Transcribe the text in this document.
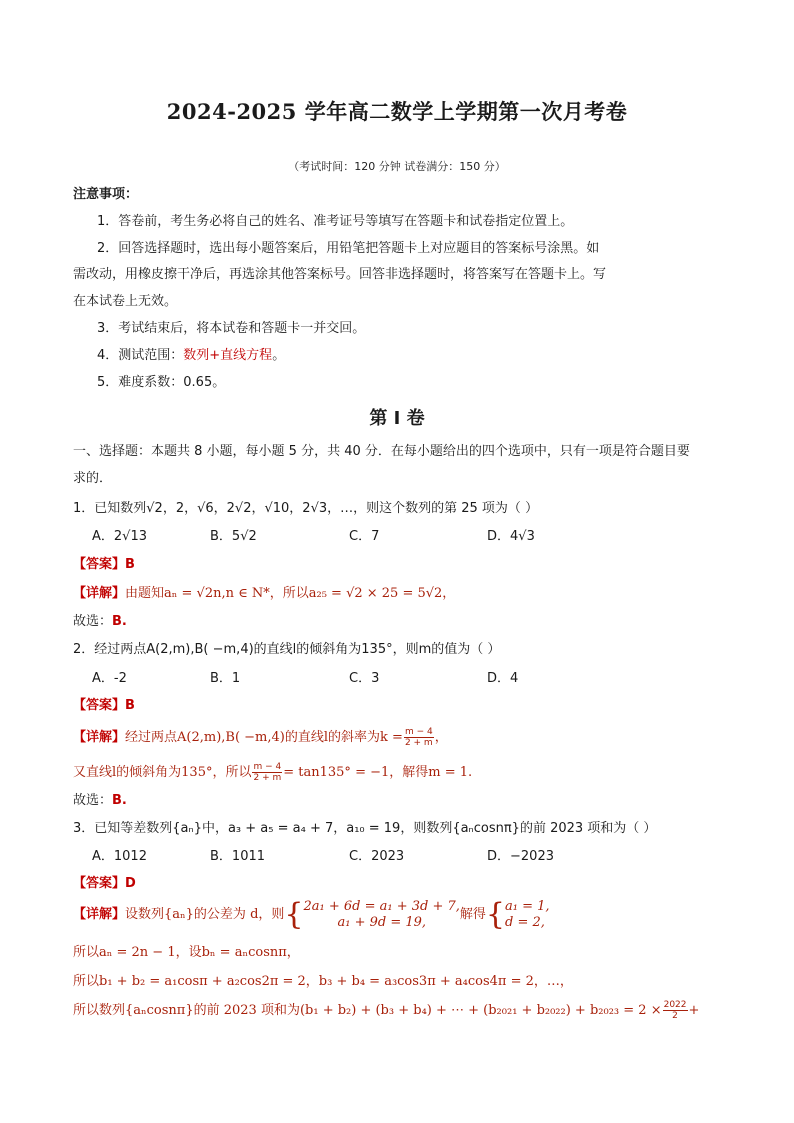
2024-2025 学年高二数学上学期第一次月考卷
（考试时间：120 分钟 试卷满分：150 分）
注意事项：
1．答卷前，考生务必将自己的姓名、准考证号等填写在答题卡和试卷指定位置上。
2．回答选择题时，选出每小题答案后，用铅笔把答题卡上对应题目的答案标号涂黑。如
需改动，用橡皮擦干净后，再选涂其他答案标号。回答非选择题时，将答案写在答题卡上。写
在本试卷上无效。
3．考试结束后，将本试卷和答题卡一并交回。
4．测试范围：数列+直线方程。
5．难度系数：0.65。
第 Ⅰ 卷
一、选择题：本题共 8 小题，每小题 5 分，共 40 分．在每小题给出的四个选项中，只有一项是符合题目要
求的．
1．已知数列√2，2，√6，2√2，√10，2√3，…，则这个数列的第 25 项为（ ）
A．2√13	B．5√2	C．7	D．4√3
【答案】B
【详解】由题知aₙ = √2n,n ∈ N*，所以a₂₅ = √2 × 25 = 5√2，
故选：B.
2．经过两点A(2,m),B( −m,4)的直线l的倾斜角为135°，则m的值为（ ）
A．-2	B．1	C．3	D．4
【答案】B
【详解】经过两点A(2,m),B( −m,4)的直线l的斜率为$k = \frac{m - 4}{2 + m}$ ，
又直线l的倾斜角为135°，所以 $\frac{m - 4}{2 + m} = \tan 135^\circ = -1$，解得m = 1.
故选：B.
3．已知等差数列{aₙ}中，a₃ + a₅ = a₄ + 7，a₁₀ = 19，则数列{aₙcosnπ}的前 2023 项和为（ ）
A．1012	B．1011	C．2023	D．−2023
【答案】D
【详解】设数列{aₙ}的公差为 d，则{ 2a₁ + 6d = a₁ + 3d + 7,
a₁ + 9d = 19,	解得{ a₁ = 1,
d = 2,
所以aₙ = 2n − 1，设bₙ = aₙcosnπ，
所以b₁ + b₂ = a₁cosπ + a₂cos2π = 2，b₃ + b₄ = a₃cos3π + a₄cos4π = 2，…，
所以数列{aₙcosnπ}的前 2023 项和为(b₁ + b₂) + (b₃ + b₄) + ⋯ + $(b_{2021} + b_{2022}) + b_{2023} = 2 \times \frac{2022}{2}$ +
